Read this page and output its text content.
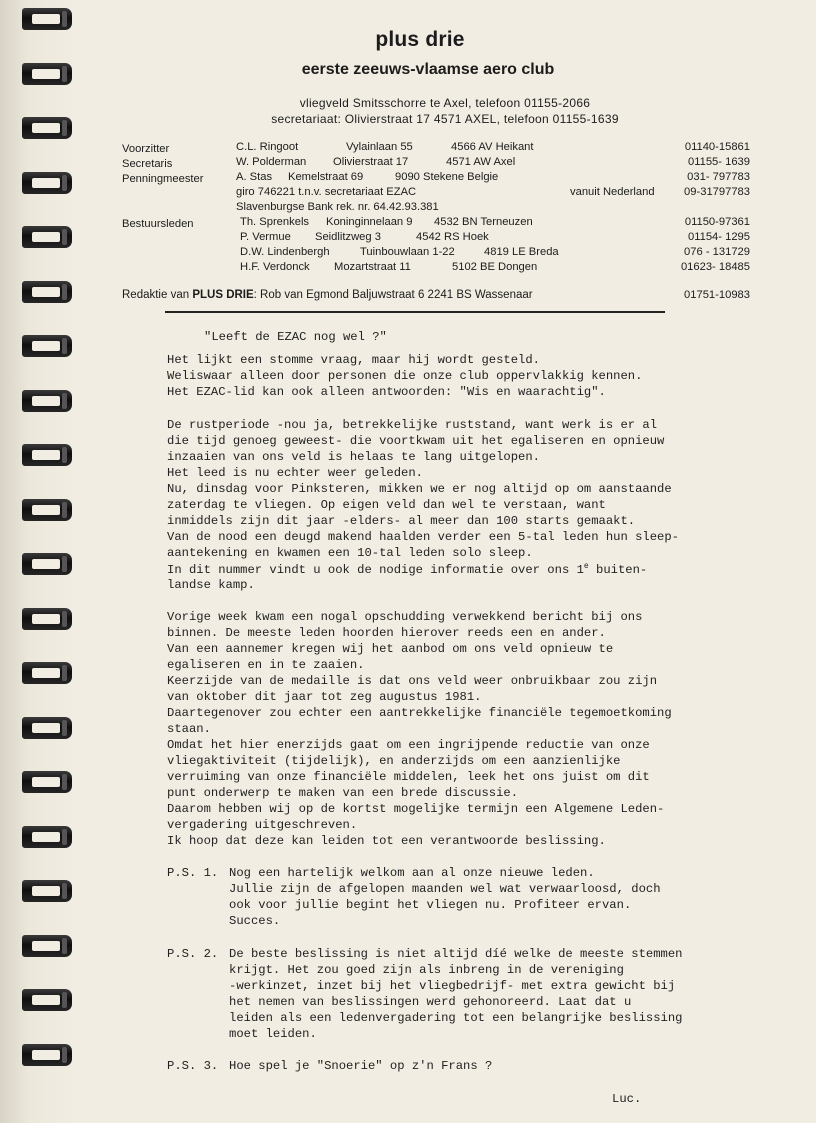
plus drie
eerste zeeuws-vlaamse aero club
vliegveld Smitsschorre te Axel, telefoon 01155-2066
secretariaat: Olivierstraat 17 4571 AXEL, telefoon 01155-1639
Voorzitter	C.L. Ringoot	Vylainlaan 55	4566 AV Heikant	01140-15861
Secretaris	W. Polderman Olivierstraat 17	4571 AW Axel	01155- 1639
Penningmeester	A. Stas Kemelstraat 69	9090 Stekene Belgie	031- 797783
giro 746221 t.n.v. secretariaat EZAC	vanuit Nederland	09-31797783
Slavenburgse Bank rek. nr. 64.42.93.381
Bestuursleden	Th. Sprenkels Koninginnelaan 9 4532 BN Terneuzen	01150-97361
P. Vermue Seidlitzweg 3	4542 RS Hoek	01154- 1295
D.W. Lindenbergh	Tuinbouwlaan 1-22	4819 LE Breda	076 - 131729
H.F. Verdonck Mozartstraat 11	5102 BE Dongen	01623- 18485
Redaktie van PLUS DRIE: Rob van Egmond Baljuwstraat 6 2241 BS Wassenaar	01751-10983
"Leeft de EZAC nog wel ?"
Het lijkt een stomme vraag, maar hij wordt gesteld.
Weliswaar alleen door personen die onze club oppervlakkig kennen.
Het EZAC-lid kan ook alleen antwoorden: "Wis en waarachtig".
De rustperiode -nou ja, betrekkelijke ruststand, want werk is er al
die tijd genoeg geweest- die voortkwam uit het egaliseren en opnieuw
inzaaien van ons veld is helaas te lang uitgelopen.
Het leed is nu echter weer geleden.
Nu, dinsdag voor Pinksteren, mikken we er nog altijd op om aanstaande
zaterdag te vliegen. Op eigen veld dan wel te verstaan, want
inmiddels zijn dit jaar -elders- al meer dan 100 starts gemaakt.
Van de nood een deugd makend haalden verder een 5-tal leden hun sleep-
aantekening en kwamen een 10-tal leden solo sleep.
In dit nummer vindt u ook de nodige informatie over ons 1e buiten-
landse kamp.
Vorige week kwam een nogal opschudding verwekkend bericht bij ons
binnen. De meeste leden hoorden hierover reeds een en ander.
Van een aannemer kregen wij het aanbod om ons veld opnieuw te
egaliseren en in te zaaien.
Keerzijde van de medaille is dat ons veld weer onbruikbaar zou zijn
van oktober dit jaar tot zeg augustus 1981.
Daartegenover zou echter een aantrekkelijke financiële tegemoetkoming
staan.
Omdat het hier enerzijds gaat om een ingrijpende reductie van onze
vliegaktiviteit (tijdelijk), en anderzijds om een aanzienlijke
verruiming van onze financiële middelen, leek het ons juist om dit
punt onderwerp te maken van een brede discussie.
Daarom hebben wij op de kortst mogelijke termijn een Algemene Leden-
vergadering uitgeschreven.
Ik hoop dat deze kan leiden tot een verantwoorde beslissing.
P.S. 1. Nog een hartelijk welkom aan al onze nieuwe leden.
Jullie zijn de afgelopen maanden wel wat verwaarloosd, doch
ook voor jullie begint het vliegen nu. Profiteer ervan.
Succes.
P.S. 2. De beste beslissing is niet altijd díé welke de meeste stemmen
krijgt. Het zou goed zijn als inbreng in de vereniging
-werkinzet, inzet bij het vliegbedrijf- met extra gewicht bij
het nemen van beslissingen werd gehonoreerd. Laat dat u
leiden als een ledenvergadering tot een belangrijke beslissing
moet leiden.
P.S. 3. Hoe spel je "Snoerie" op z'n Frans ?
Luc.
